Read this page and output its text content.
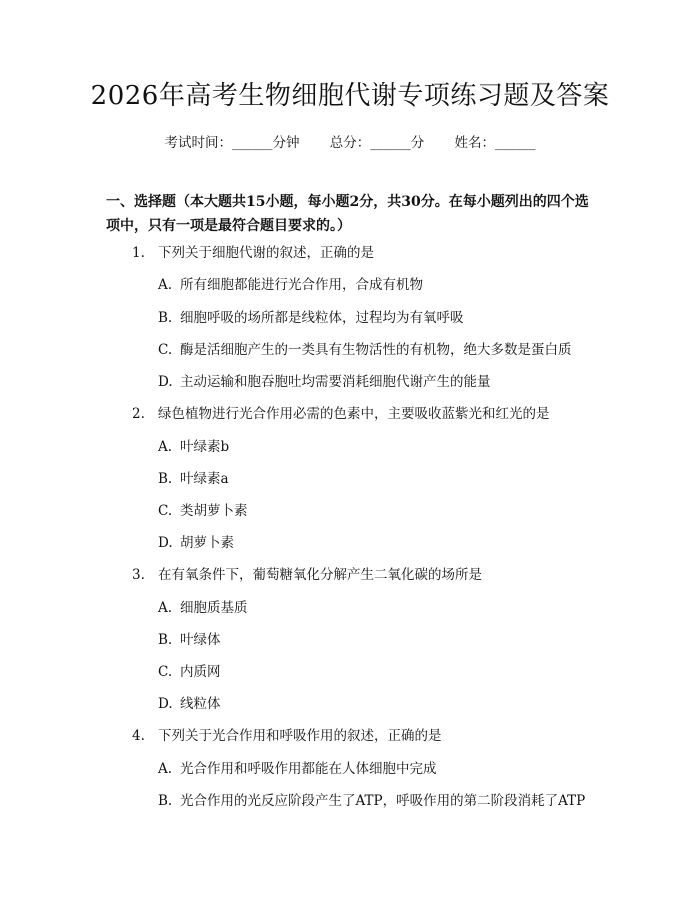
2026年高考生物细胞代谢专项练习题及答案
考试时间：______分钟 总分：______分 姓名：______
一、选择题（本大题共15小题，每小题2分，共30分。在每小题列出的四个选项中，只有一项是最符合题目要求的。）
1. 下列关于细胞代谢的叙述，正确的是
A. 所有细胞都能进行光合作用，合成有机物
B. 细胞呼吸的场所都是线粒体，过程均为有氧呼吸
C. 酶是活细胞产生的一类具有生物活性的有机物，绝大多数是蛋白质
D. 主动运输和胞吞胞吐均需要消耗细胞代谢产生的能量
2. 绿色植物进行光合作用必需的色素中，主要吸收蓝紫光和红光的是
A. 叶绿素b
B. 叶绿素a
C. 类胡萝卜素
D. 胡萝卜素
3. 在有氧条件下，葡萄糖氧化分解产生二氧化碳的场所是
A. 细胞质基质
B. 叶绿体
C. 内质网
D. 线粒体
4. 下列关于光合作用和呼吸作用的叙述，正确的是
A. 光合作用和呼吸作用都能在人体细胞中完成
B. 光合作用的光反应阶段产生了ATP，呼吸作用的第二阶段消耗了ATP
